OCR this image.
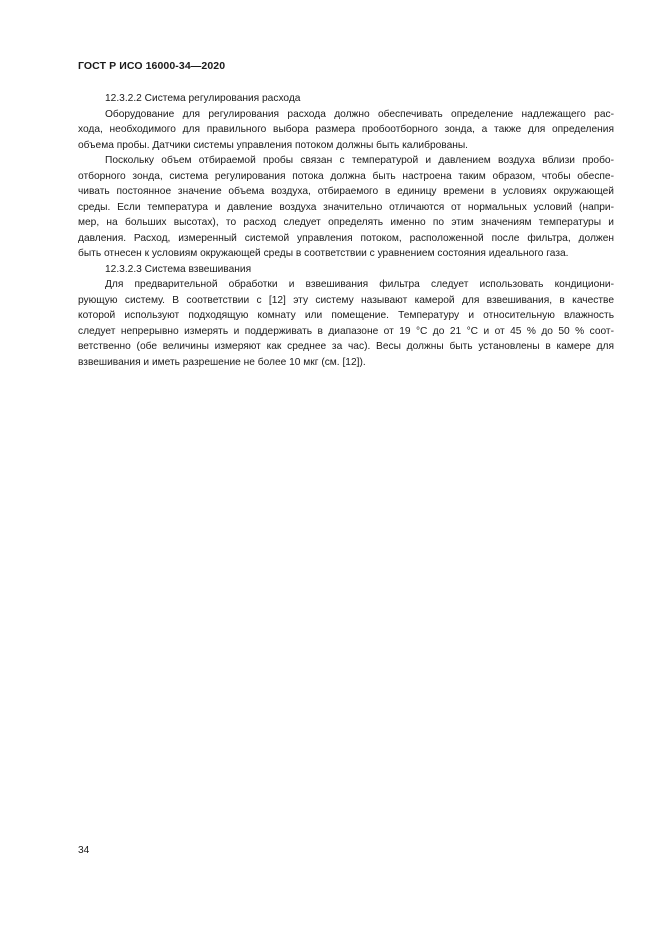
ГОСТ Р ИСО 16000-34—2020
12.3.2.2 Система регулирования расхода
Оборудование для регулирования расхода должно обеспечивать определение надлежащего рас-
хода, необходимого для правильного выбора размера пробоотборного зонда, а также для определения
объема пробы. Датчики системы управления потоком должны быть калиброваны.
Поскольку объем отбираемой пробы связан с температурой и давлением воздуха вблизи пробо-
отборного зонда, система регулирования потока должна быть настроена таким образом, чтобы обеспе-
чивать постоянное значение объема воздуха, отбираемого в единицу времени в условиях окружающей
среды. Если температура и давление воздуха значительно отличаются от нормальных условий (напри-
мер, на больших высотах), то расход следует определять именно по этим значениям температуры и
давления. Расход, измеренный системой управления потоком, расположенной после фильтра, должен
быть отнесен к условиям окружающей среды в соответствии с уравнением состояния идеального газа.
12.3.2.3 Система взвешивания
Для предварительной обработки и взвешивания фильтра следует использовать кондициони-
рующую систему. В соответствии с [12] эту систему называют камерой для взвешивания, в качестве
которой используют подходящую комнату или помещение. Температуру и относительную влажность
следует непрерывно измерять и поддерживать в диапазоне от 19 °С до 21 °С и от 45 % до 50 % соот-
ветственно (обе величины измеряют как среднее за час). Весы должны быть установлены в камере для
взвешивания и иметь разрешение не более 10 мкг (см. [12]).
34
